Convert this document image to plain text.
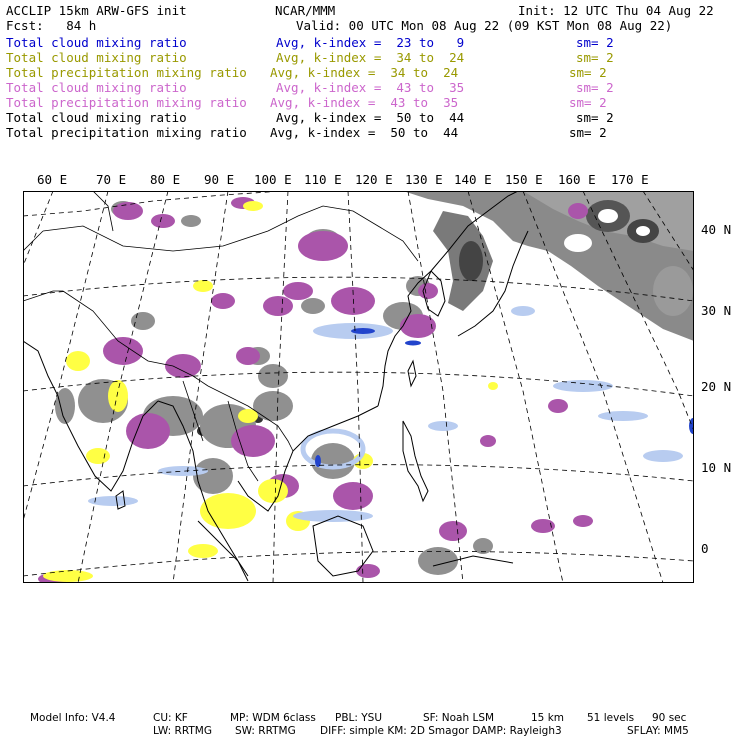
ACCLIP 15km ARW-GFS init	NCAR/MMM	Init: 12 UTC Thu 04 Aug 22
Fcst:   84 h	Valid: 00 UTC Mon 08 Aug 22 (09 KST Mon 08 Aug 22)
Total cloud mixing ratio	Avg, k-index =  23 to   9	sm= 2
Total cloud mixing ratio	Avg, k-index =  34 to  24	sm= 2
Total precipitation mixing ratio Avg, k-index =  34 to  24	sm= 2
Total cloud mixing ratio	Avg, k-index =  43 to  35	sm= 2
Total precipitation mixing ratio Avg, k-index =  43 to  35	sm= 2
Total cloud mixing ratio	Avg, k-index =  50 to  44	sm= 2
Total precipitation mixing ratio Avg, k-index =  50 to  44	sm= 2
60 E 70 E 80 E 90 E 100 E 110 E 120 E 130 E 140 E 150 E 160 E 170 E
40 N
30 N
20 N
10 N
0
Model Info: V4.4	CU: KF	MP: WDM 6class PBL: YSU	SF: Noah LSM	15 km 51 levels 90 sec
LW: RRTMG SW: RRTMG DIFF: simple KM: 2D Smagor DAMP: Rayleigh3	SFLAY: MM5
